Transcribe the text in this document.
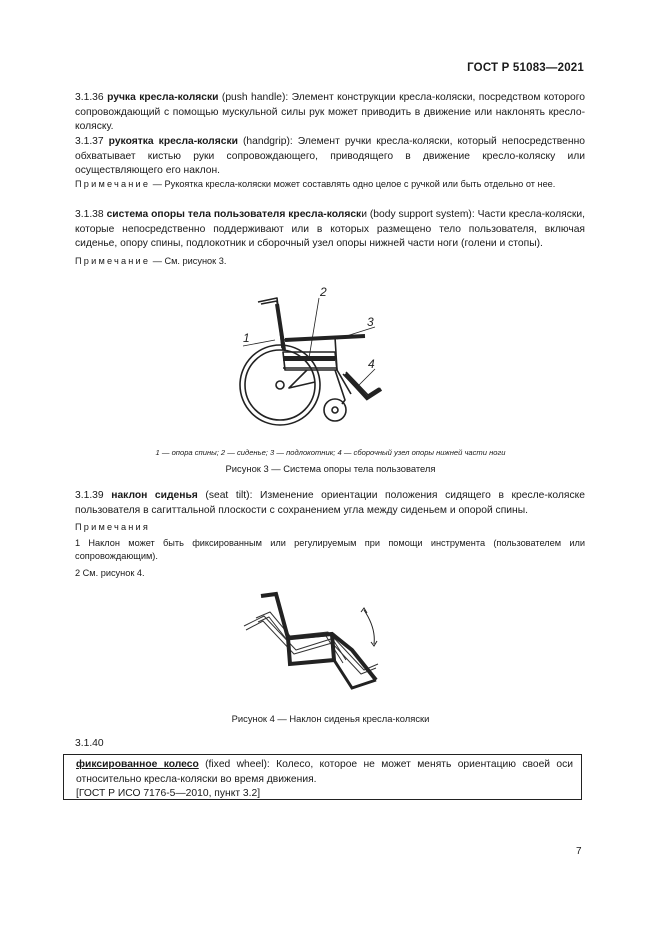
ГОСТ Р 51083—2021
3.1.36 ручка кресла-коляски (push handle): Элемент конструкции кресла-коляски, посредством которого сопровождающий с помощью мускульной силы рук может приводить в движение или наклонять кресло-коляску.
3.1.37 рукоятка кресла-коляски (handgrip): Элемент ручки кресла-коляски, который непосредственно обхватывает кистью руки сопровождающего, приводящего в движение кресло-коляску или осуществляющего его наклон.
Примечание — Рукоятка кресла-коляски может составлять одно целое с ручкой или быть отдельно от нее.
3.1.38 система опоры тела пользователя кресла-коляски (body support system): Части кресла-коляски, которые непосредственно поддерживают или в которых размещено тело пользователя, включая сиденье, опору спины, подлокотник и сборочный узел опоры нижней части ноги (голени и стопы).
Примечание — См. рисунок 3.
1
2
3
4
1 — опора спины; 2 — сиденье; 3 — подлокотник; 4 — сборочный узел опоры нижней части ноги
Рисунок 3 — Система опоры тела пользователя
3.1.39 наклон сиденья (seat tilt): Изменение ориентации положения сидящего в кресле-коляске пользователя в сагиттальной плоскости с сохранением угла между сиденьем и опорой спины.
Примечания
1 Наклон может быть фиксированным или регулируемым при помощи инструмента (пользователем или сопровождающим).
2 См. рисунок 4.
Рисунок 4 — Наклон сиденья кресла-коляски
3.1.40
фиксированное колесо (fixed wheel): Колесо, которое не может менять ориентацию своей оси относительно кресла-коляски во время движения.
[ГОСТ Р ИСО 7176-5—2010, пункт 3.2]
7
